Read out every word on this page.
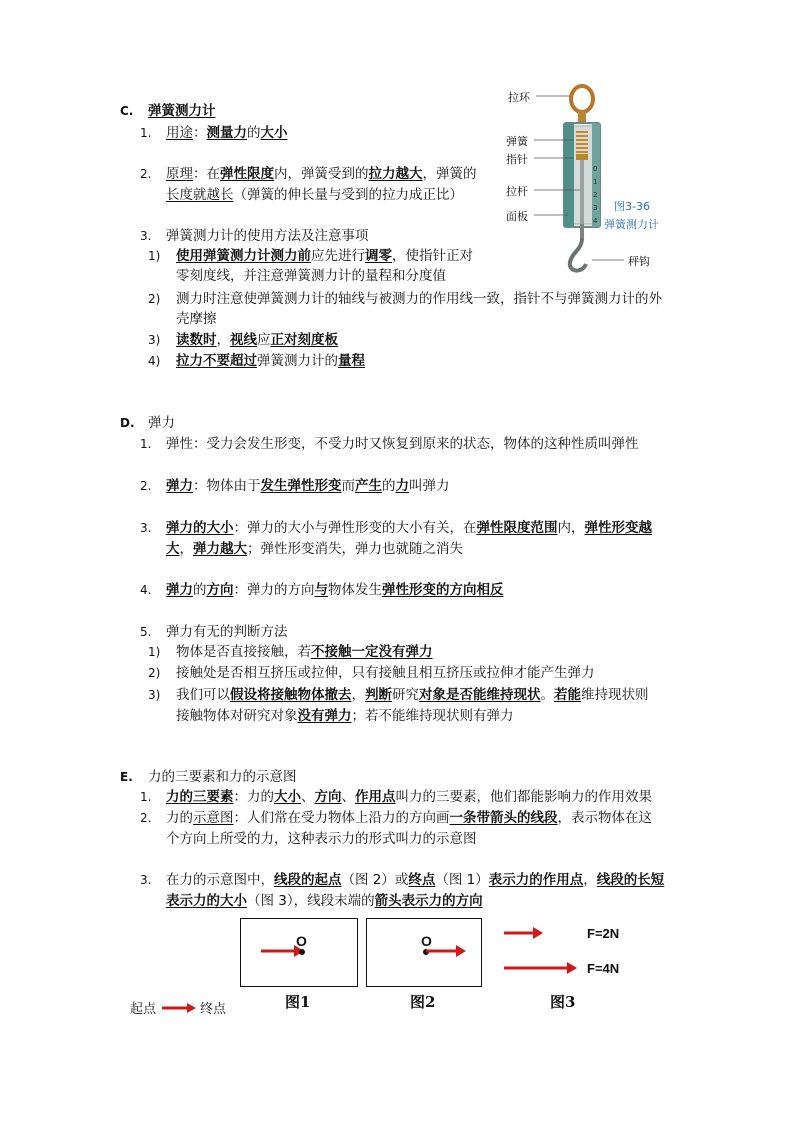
C. 弹簧测力计
1. 用途：测量力的大小
2. 原理：在弹性限度内，弹簧受到的拉力越大，弹簧的
长度就越长（弹簧的伸长量与受到的拉力成正比）
3. 弹簧测力计的使用方法及注意事项
1) 使用弹簧测力计测力前应先进行调零，使指针正对
零刻度线，并注意弹簧测力计的量程和分度值
2) 测力时注意使弹簧测力计的轴线与被测力的作用线一致，指针不与弹簧测力计的外
壳摩擦
3) 读数时，视线应正对刻度板
4) 拉力不要超过弹簧测力计的量程
0
1
2
3
4
拉环
弹簧
指针
拉杆
面板
秤钩
图3-36
弹簧测力计
D. 弹力
1. 弹性：受力会发生形变，不受力时又恢复到原来的状态，物体的这种性质叫弹性
2. 弹力：物体由于发生弹性形变而产生的力叫弹力
3. 弹力的大小：弹力的大小与弹性形变的大小有关，在弹性限度范围内，弹性形变越
大，弹力越大；弹性形变消失，弹力也就随之消失
4. 弹力的方向：弹力的方向与物体发生弹性形变的方向相反
5. 弹力有无的判断方法
1) 物体是否直接接触，若不接触一定没有弹力
2) 接触处是否相互挤压或拉伸，只有接触且相互挤压或拉伸才能产生弹力
3) 我们可以假设将接触物体撤去，判断研究对象是否能维持现状。若能维持现状则
接触物体对研究对象没有弹力；若不能维持现状则有弹力
E. 力的三要素和力的示意图
1. 力的三要素：力的大小、方向、作用点叫力的三要素，他们都能影响力的作用效果
2. 力的示意图：人们常在受力物体上沿力的方向画一条带箭头的线段，表示物体在这
个方向上所受的力，这种表示力的形式叫力的示意图
3. 在力的示意图中，线段的起点（图 2）或终点（图 1）表示力的作用点，线段的长短
表示力的大小（图 3），线段末端的箭头表示力的方向
O
图1
O
图2
F=2N
F=4N
图3
起点	终点
